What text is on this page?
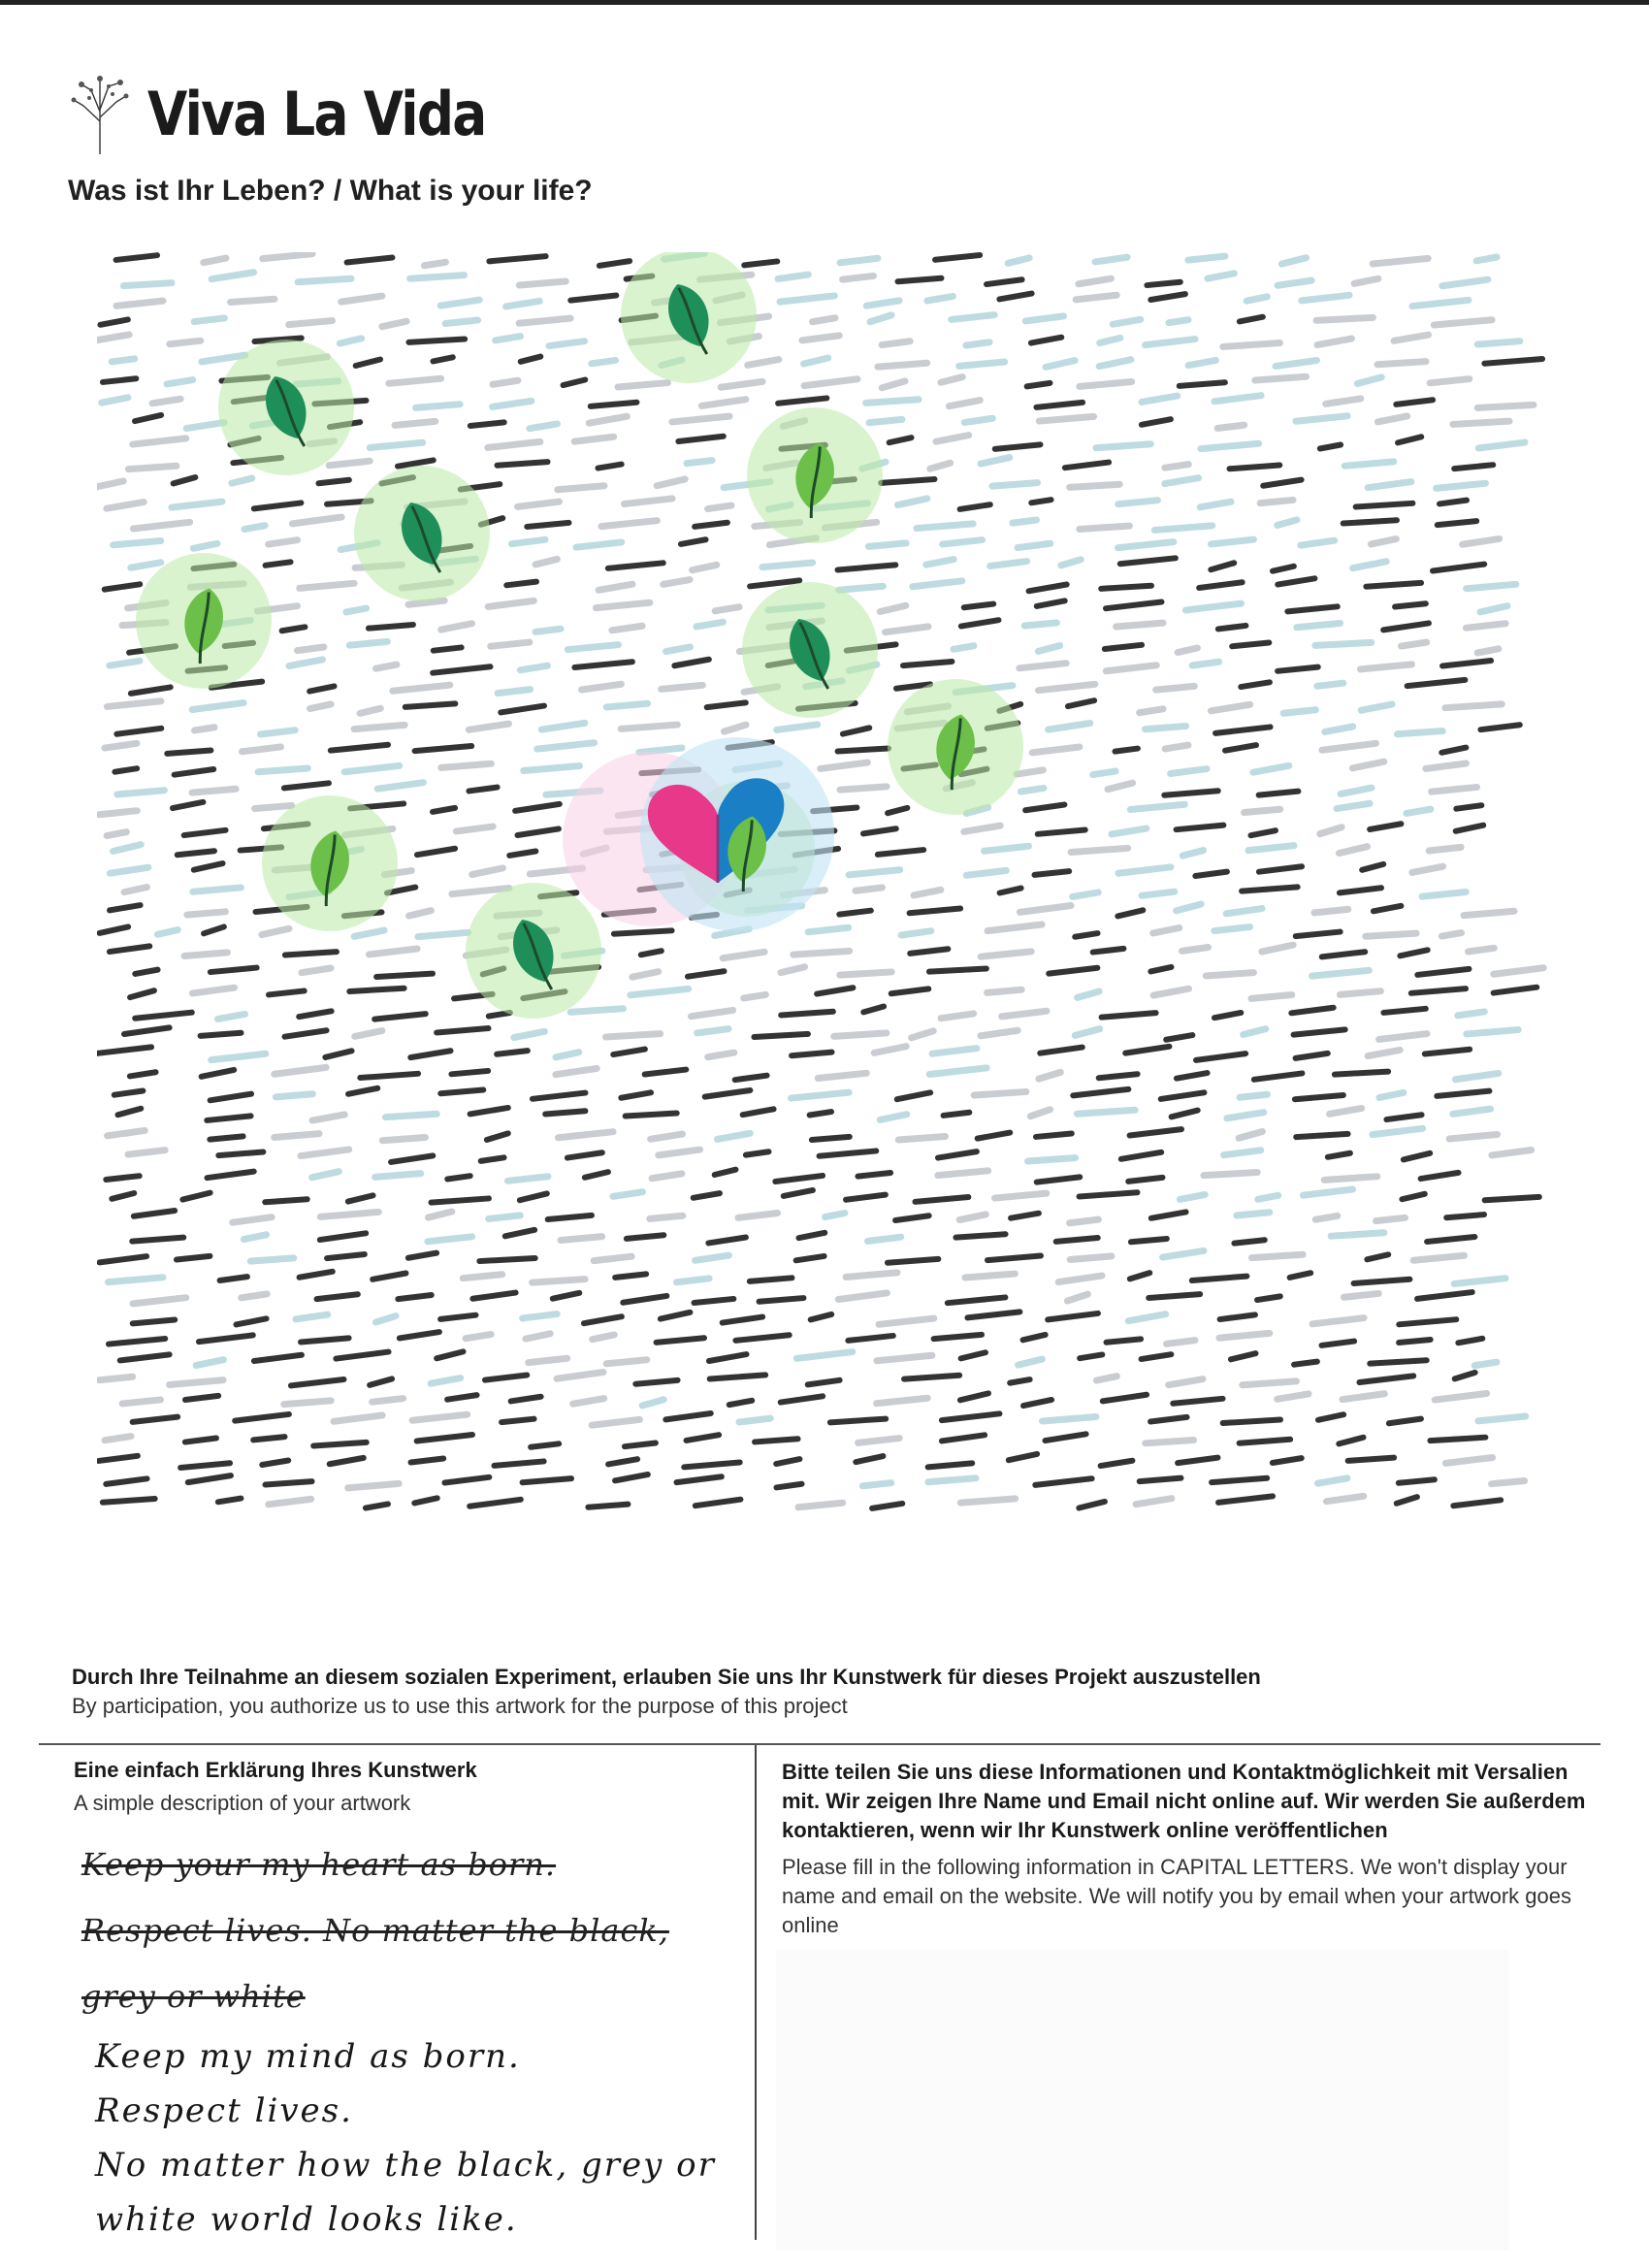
Viva La Vida
Was ist Ihr Leben? / What is your life?
Durch Ihre Teilnahme an diesem sozialen Experiment, erlauben Sie uns Ihr Kunstwerk für dieses Projekt auszustellen
By participation, you authorize us to use this artwork for the purpose of this project
Eine einfach Erklärung Ihres Kunstwerk
A simple description of your artwork
Keep your my heart as born.
Respect lives. No matter the black,
grey or white
Keep my mind as born.
Respect lives.
No matter how the black, grey or
white world looks like.
Bitte teilen Sie uns diese Informationen und Kontaktmöglichkeit mit Versalien mit. Wir zeigen Ihre Name und Email nicht online auf. Wir werden Sie außerdem kontaktieren, wenn wir Ihr Kunstwerk online veröffentlichen
Please fill in the following information in CAPITAL LETTERS. We won't display your name and email on the website. We will notify you by email when your artwork goes online
